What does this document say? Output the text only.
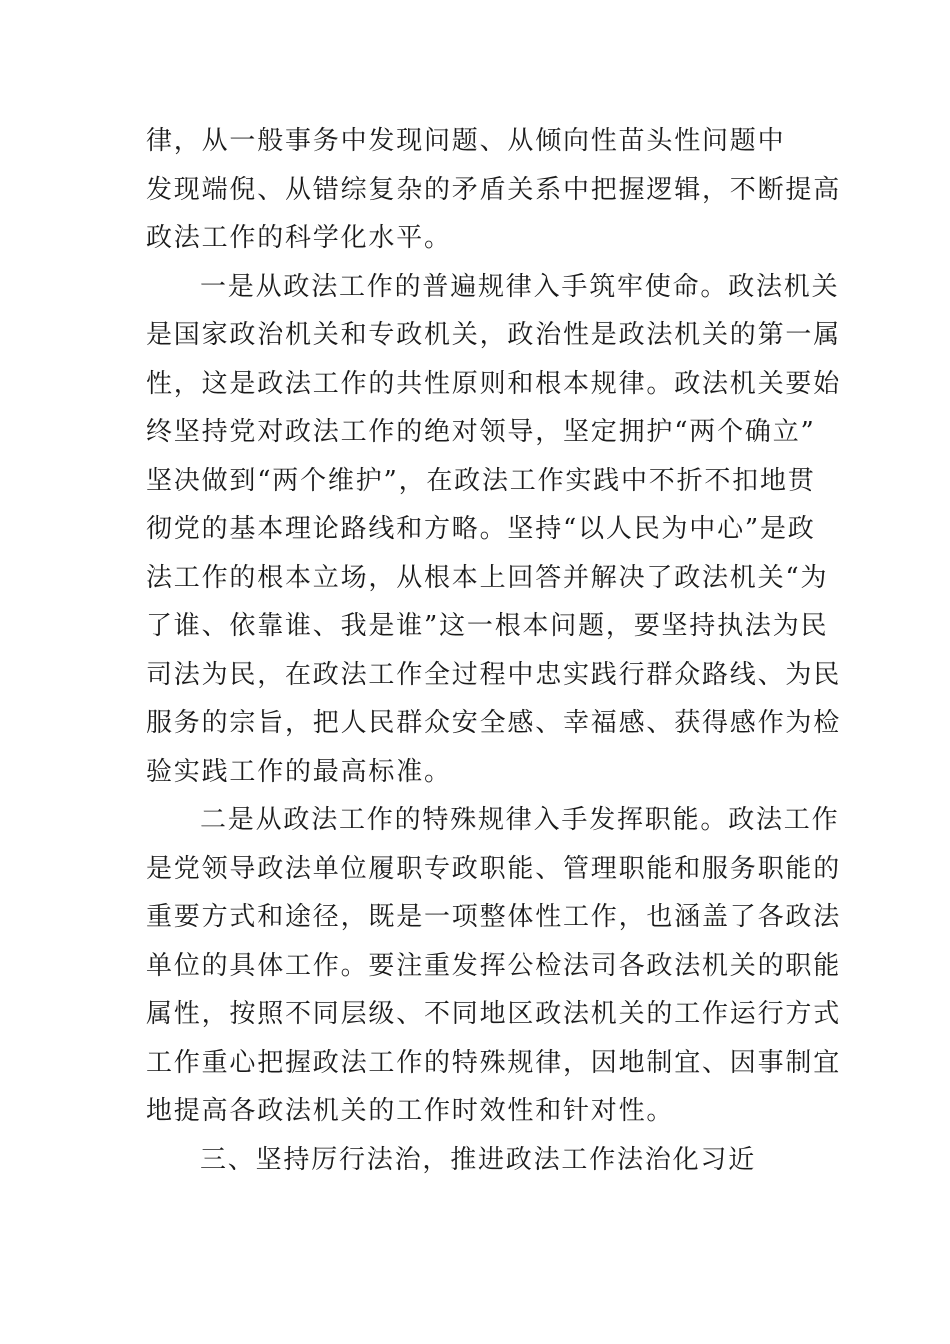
律，从一般事务中发现问题、从倾向性苗头性问题中
发现端倪、从错综复杂的矛盾关系中把握逻辑，不断提高
政法工作的科学化水平。
一是从政法工作的普遍规律入手筑牢使命。政法机关
是国家政治机关和专政机关，政治性是政法机关的第一属
性，这是政法工作的共性原则和根本规律。政法机关要始
终坚持党对政法工作的绝对领导，坚定拥护“两个确立”
坚决做到“两个维护”，在政法工作实践中不折不扣地贯
彻党的基本理论路线和方略。坚持“以人民为中心”是政
法工作的根本立场，从根本上回答并解决了政法机关“为
了谁、依靠谁、我是谁”这一根本问题，要坚持执法为民
司法为民，在政法工作全过程中忠实践行群众路线、为民
服务的宗旨，把人民群众安全感、幸福感、获得感作为检
验实践工作的最高标准。
二是从政法工作的特殊规律入手发挥职能。政法工作
是党领导政法单位履职专政职能、管理职能和服务职能的
重要方式和途径，既是一项整体性工作，也涵盖了各政法
单位的具体工作。要注重发挥公检法司各政法机关的职能
属性，按照不同层级、不同地区政法机关的工作运行方式
工作重心把握政法工作的特殊规律，因地制宜、因事制宜
地提高各政法机关的工作时效性和针对性。
三、坚持厉行法治，推进政法工作法治化习近
